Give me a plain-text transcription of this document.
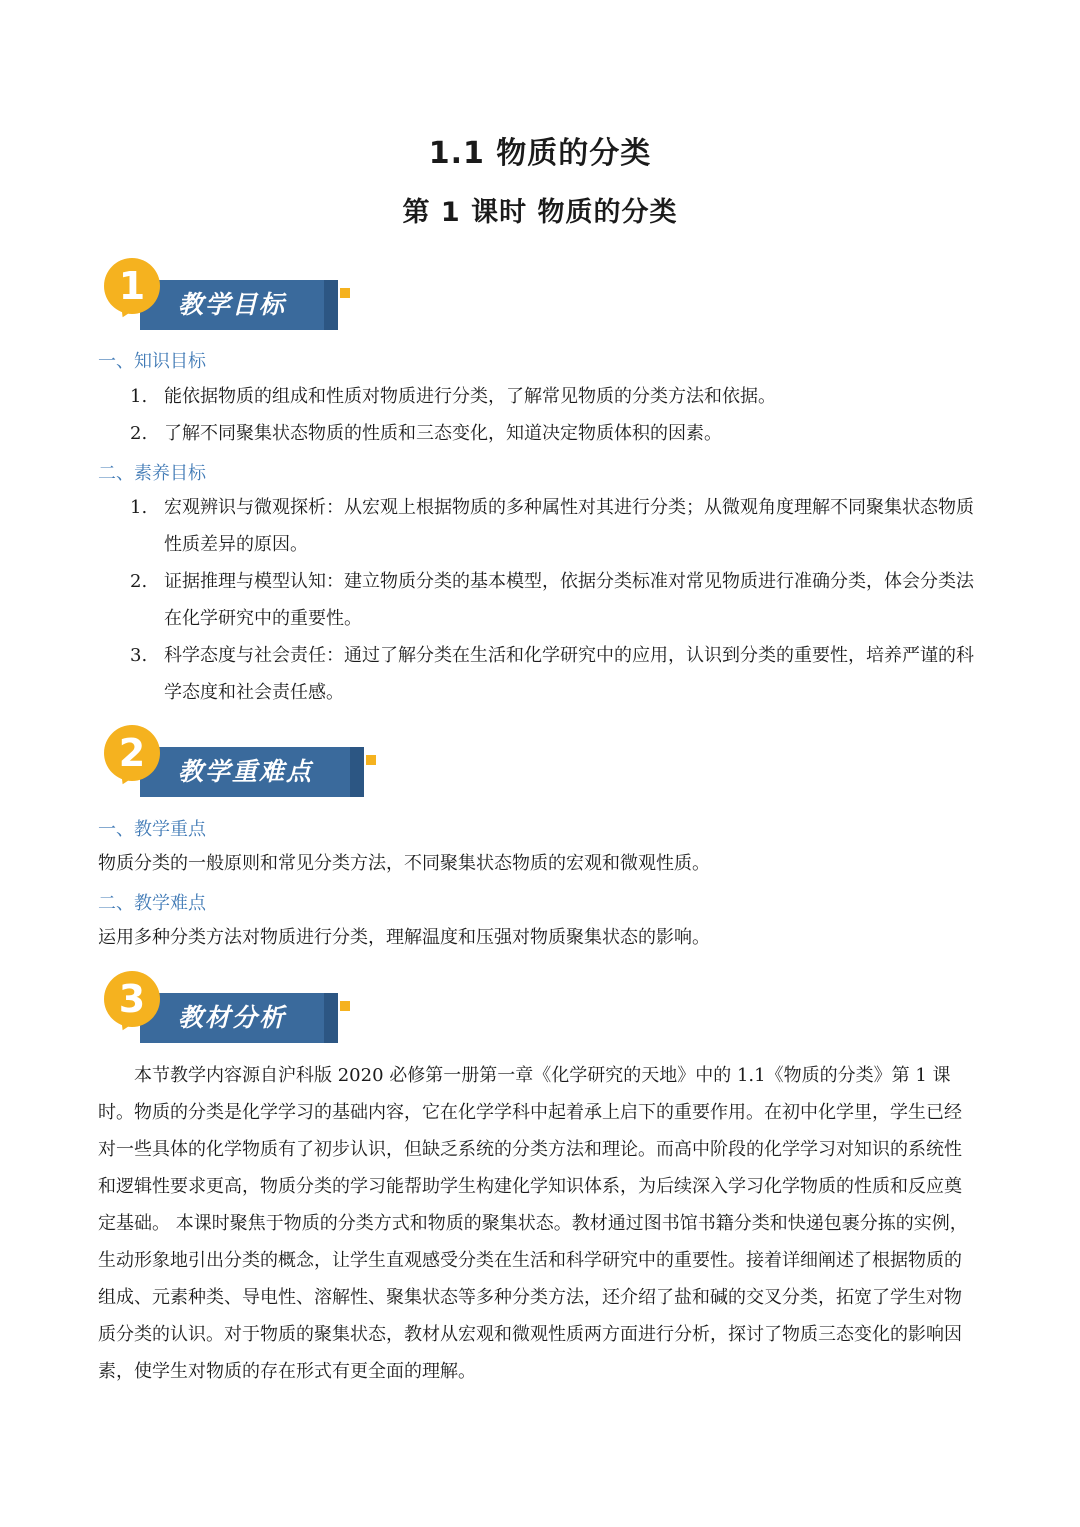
1.1 物质的分类
第 1 课时 物质的分类
1	教学目标
一、知识目标
1. 能依据物质的组成和性质对物质进行分类，了解常见物质的分类方法和依据。
2. 了解不同聚集状态物质的性质和三态变化，知道决定物质体积的因素。
二、素养目标
1. 宏观辨识与微观探析：从宏观上根据物质的多种属性对其进行分类；从微观角度理解不同聚集状态物质性质差异的原因。
2. 证据推理与模型认知：建立物质分类的基本模型，依据分类标准对常见物质进行准确分类，体会分类法在化学研究中的重要性。
3. 科学态度与社会责任：通过了解分类在生活和化学研究中的应用，认识到分类的重要性，培养严谨的科学态度和社会责任感。
2	教学重难点
一、教学重点
物质分类的一般原则和常见分类方法，不同聚集状态物质的宏观和微观性质。
二、教学难点
运用多种分类方法对物质进行分类，理解温度和压强对物质聚集状态的影响。
3	教材分析
本节教学内容源自沪科版 2020 必修第一册第一章《化学研究的天地》中的 1.1《物质的分类》第 1 课时。物质的分类是化学学习的基础内容，它在化学学科中起着承上启下的重要作用。在初中化学里，学生已经对一些具体的化学物质有了初步认识，但缺乏系统的分类方法和理论。而高中阶段的化学学习对知识的系统性和逻辑性要求更高，物质分类的学习能帮助学生构建化学知识体系，为后续深入学习化学物质的性质和反应奠定基础。 本课时聚焦于物质的分类方式和物质的聚集状态。教材通过图书馆书籍分类和快递包裹分拣的实例，生动形象地引出分类的概念，让学生直观感受分类在生活和科学研究中的重要性。接着详细阐述了根据物质的组成、元素种类、导电性、溶解性、聚集状态等多种分类方法，还介绍了盐和碱的交叉分类，拓宽了学生对物质分类的认识。对于物质的聚集状态，教材从宏观和微观性质两方面进行分析，探讨了物质三态变化的影响因素，使学生对物质的存在形式有更全面的理解。
